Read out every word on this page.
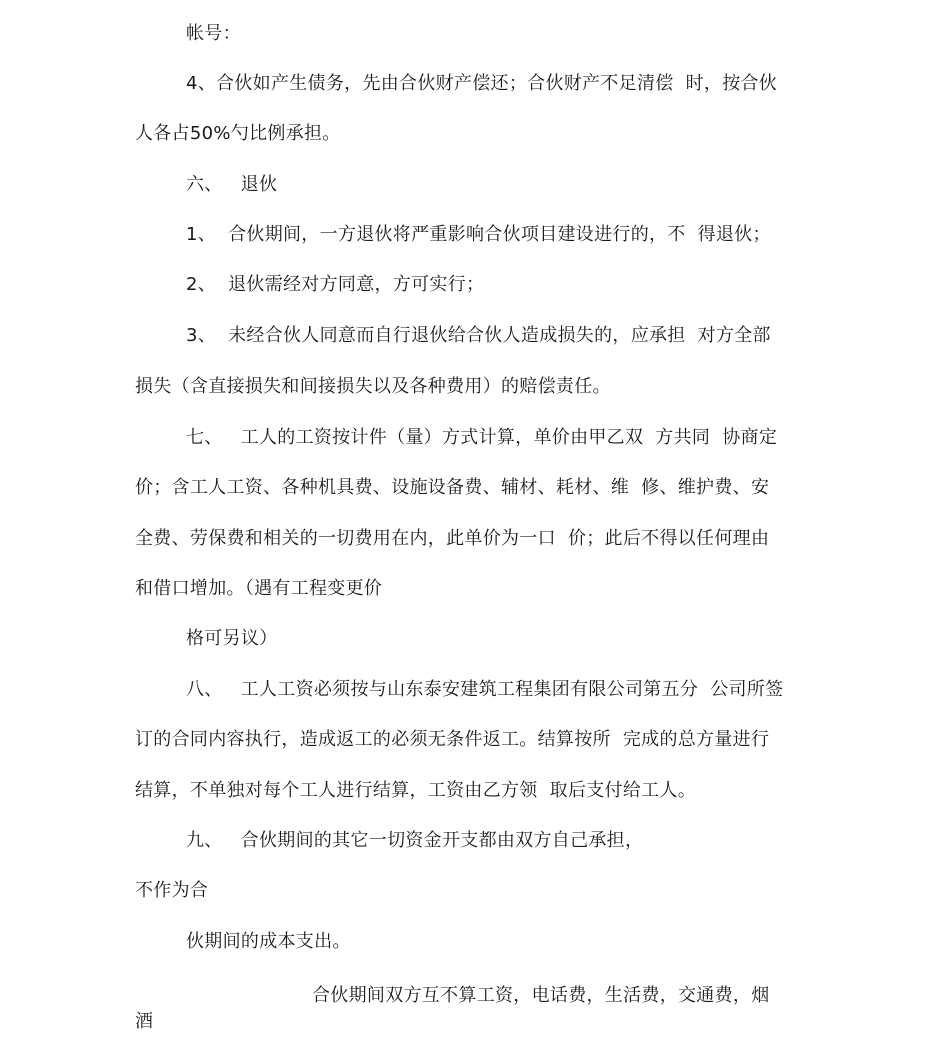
帐号：
4、合伙如产生债务，先由合伙财产偿还；合伙财产不足清偿  时，按合伙
人各占50%勺比例承担。
六、   退伙
1、  合伙期间，一方退伙将严重影响合伙项目建设进行的，不  得退伙；
2、  退伙需经对方同意，方可实行；
3、  未经合伙人同意而自行退伙给合伙人造成损失的，应承担  对方全部
损失（含直接损失和间接损失以及各种费用）的赔偿责任。
七、   工人的工资按计件（量）方式计算，单价由甲乙双  方共同  协商定
价；含工人工资、各种机具费、设施设备费、辅材、耗材、维  修、维护费、安
全费、劳保费和相关的一切费用在内，此单价为一口  价；此后不得以任何理由
和借口增加。（遇有工程变更价
格可另议）
八、   工人工资必须按与山东泰安建筑工程集团有限公司第五分  公司所签
订的合同内容执行，造成返工的必须无条件返工。结算按所  完成的总方量进行
结算，不单独对每个工人进行结算，工资由乙方领  取后支付给工人。
九、   合伙期间的其它一切资金开支都由双方自己承担，
不作为合
伙期间的成本支出。
合伙期间双方互不算工资，电话费，生活费，交通费，烟
酒
